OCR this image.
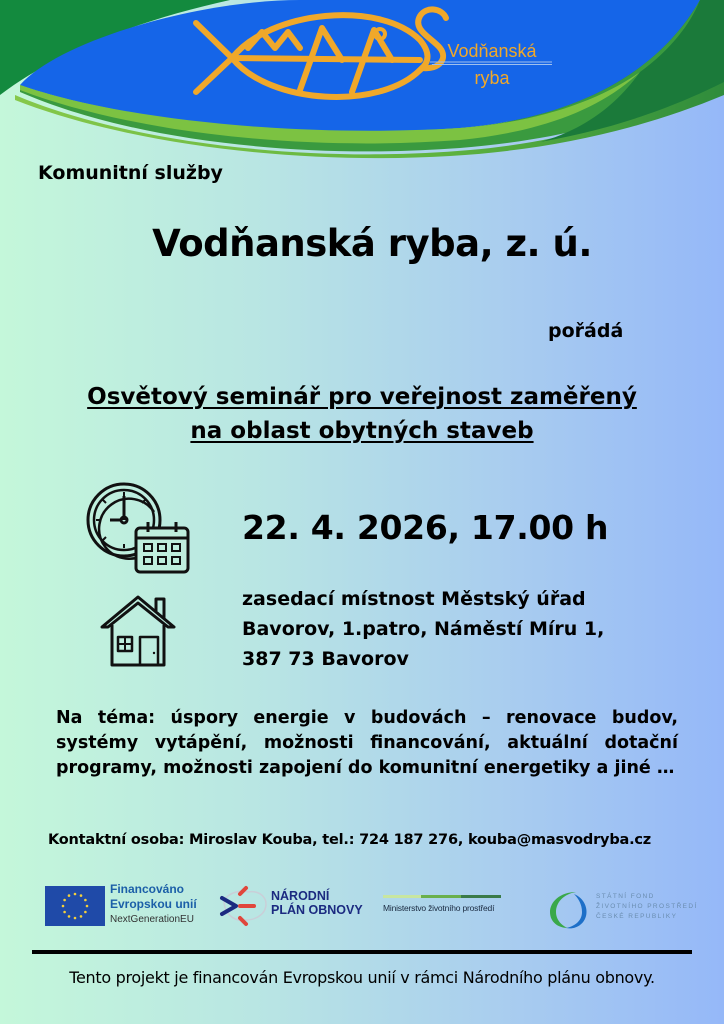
Vodňanská
ryba
Komunitní služby
Vodňanská ryba, z. ú.
pořádá
Osvětový seminář pro veřejnost zaměřený
na oblast obytných staveb
22. 4. 2026, 17.00 h
zasedací místnost Městský úřad
Bavorov, 1.patro, Náměstí Míru 1,
387 73 Bavorov
Na téma: úspory energie v budovách – renovace budov, systémy vytápění, možnosti financování, aktuální dotační programy, možnosti zapojení do komunitní energetiky a jiné …
Kontaktní osoba: Miroslav Kouba, tel.: 724 187 276, kouba@masvodryba.cz
Financováno
Evropskou unií
NextGenerationEU
NÁRODNÍ
PLÁN OBNOVY Ministerstvo životního prostředí
STÁTNÍ FOND
ŽIVOTNÍHO PROSTŘEDÍ
ČESKÉ REPUBLIKY
Tento projekt je financován Evropskou unií v rámci Národního plánu obnovy.
